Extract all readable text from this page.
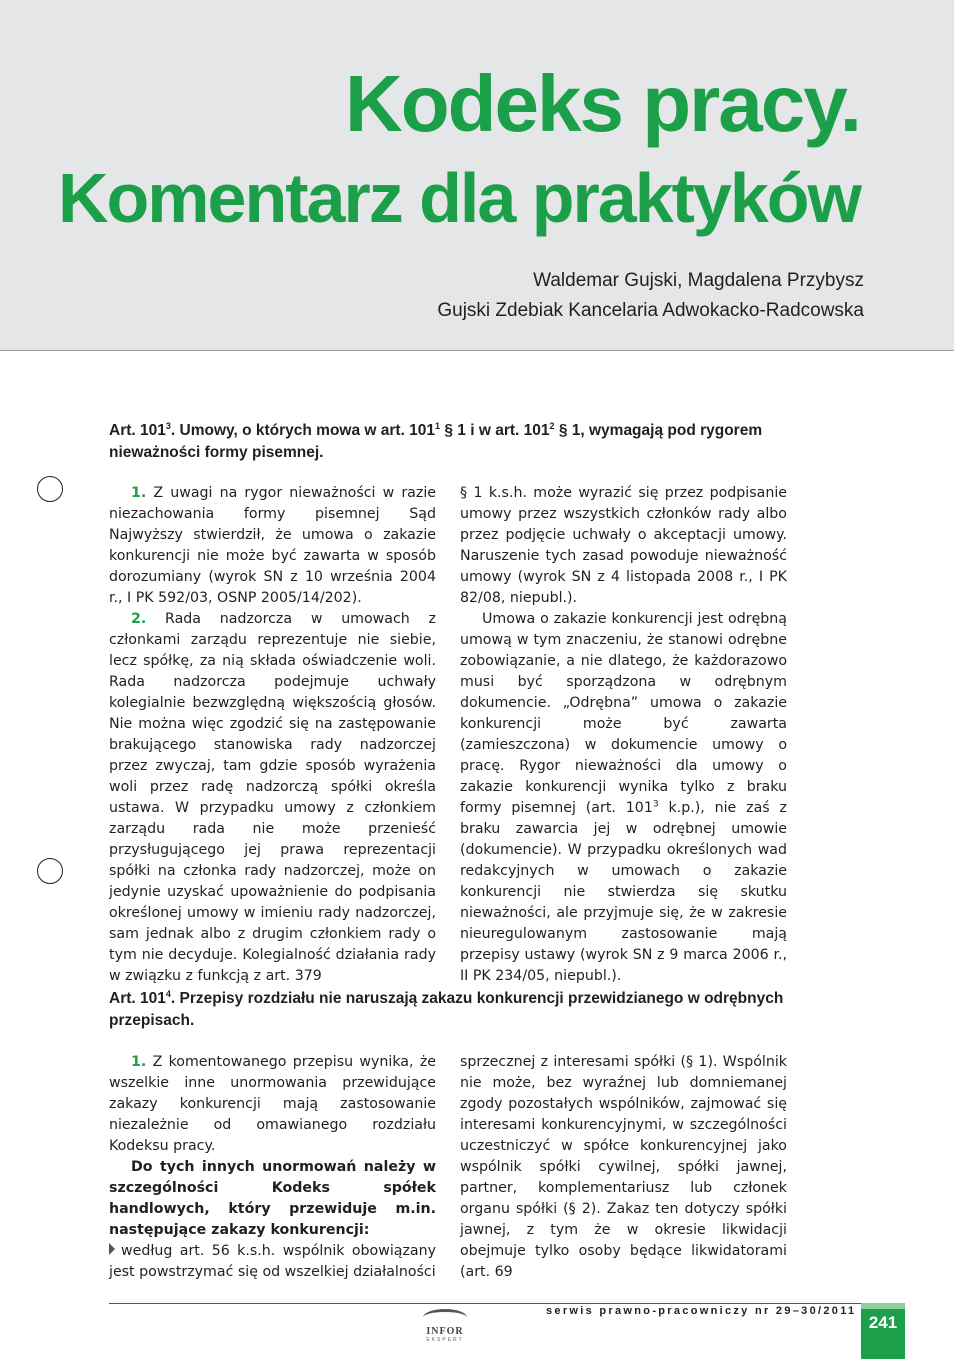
Kodeks pracy.
Komentarz dla praktyków
Waldemar Gujski, Magdalena Przybysz
Gujski Zdebiak Kancelaria Adwokacko-Radcowska
Art. $101^3$. Umowy, o których mowa w art. $101^1$ § 1 i w art. $101^2$ § 1, wymagają pod rygorem nieważności formy pisemnej.

1. Z uwagi na rygor nieważności w razie niezachowania formy pisemnej Sąd Najwyższy stwierdził, że umowa o zakazie konkurencji nie może być zawarta w sposób dorozumiany (wyrok SN z 10 września 2004 r., I PK 592/03, OSNP 2005/14/202).

2. Rada nadzorcza w umowach z członkami zarządu reprezentuje nie siebie, lecz spółkę, za nią składa oświadczenie woli. Rada nadzorcza podejmuje uchwały kolegialnie bezwzględną większością głosów. Nie można więc zgodzić się na zastępowanie brakującego stanowiska rady nadzorczej przez zwyczaj, tam gdzie sposób wyrażenia woli przez radę nadzorczą spółki określa ustawa. W przypadku umowy z członkiem zarządu rada nie może przenieść przysługującego jej prawa reprezentacji spółki na członka rady nadzorczej, może on jedynie uzyskać upoważnienie do podpisania określonej umowy w imieniu rady nadzorczej, sam jednak albo z drugim członkiem rady o tym nie decyduje. Kolegialność działania rady w związku z funkcją z art. 379

§ 1 k.s.h. może wyrazić się przez podpisanie umowy przez wszystkich członków rady albo przez podjęcie uchwały o akceptacji umowy. Naruszenie tych zasad powoduje nieważność umowy (wyrok SN z 4 listopada 2008 r., I PK 82/08, niepubl.).

Umowa o zakazie konkurencji jest odrębną umową w tym znaczeniu, że stanowi odrębne zobowiązanie, a nie dlatego, że każdorazowo musi być sporządzona w odrębnym dokumencie. „Odrębna” umowa o zakazie konkurencji może być zawarta (zamieszczona) w dokumencie umowy o pracę. Rygor nieważności dla umowy o zakazie konkurencji wynika tylko z braku formy pisemnej (art. $101^3$ k.p.), nie zaś z braku zawarcia jej w odrębnej umowie (dokumencie). W przypadku określonych wad redakcyjnych w umowach o zakazie konkurencji nie stwierdza się skutku nieważności, ale przyjmuje się, że w zakresie nieuregulowanym zastosowanie mają przepisy ustawy (wyrok SN z 9 marca 2006 r., II PK 234/05, niepubl.).

Art. $101^4$. Przepisy rozdziału nie naruszają zakazu konkurencji przewidzianego w odrębnych przepisach.

1. Z komentowanego przepisu wynika, że wszelkie inne unormowania przewidujące zakazy konkurencji mają zastosowanie niezależnie od omawianego rozdziału Kodeksu pracy.

Do tych innych unormowań należy w szczególności Kodeks spółek handlowych, który przewiduje m.in. następujące zakazy konkurencji:

według art. 56 k.s.h. wspólnik obowiązany jest powstrzymać się od wszelkiej działalności

sprzecznej z interesami spółki (§ 1). Wspólnik nie może, bez wyraźnej lub domniemanej zgody pozostałych wspólników, zajmować się interesami konkurencyjnymi, w szczególności uczestniczyć w spółce konkurencyjnej jako wspólnik spółki cywilnej, spółki jawnej, partner, komplementariusz lub członek organu spółki (§ 2). Zakaz ten dotyczy spółki jawnej, z tym że w okresie likwidacji obejmuje tylko osoby będące likwidatorami (art. 69

INFOR
EKSPERT
serwis prawno-pracowniczy nr 29–30/2011
241
